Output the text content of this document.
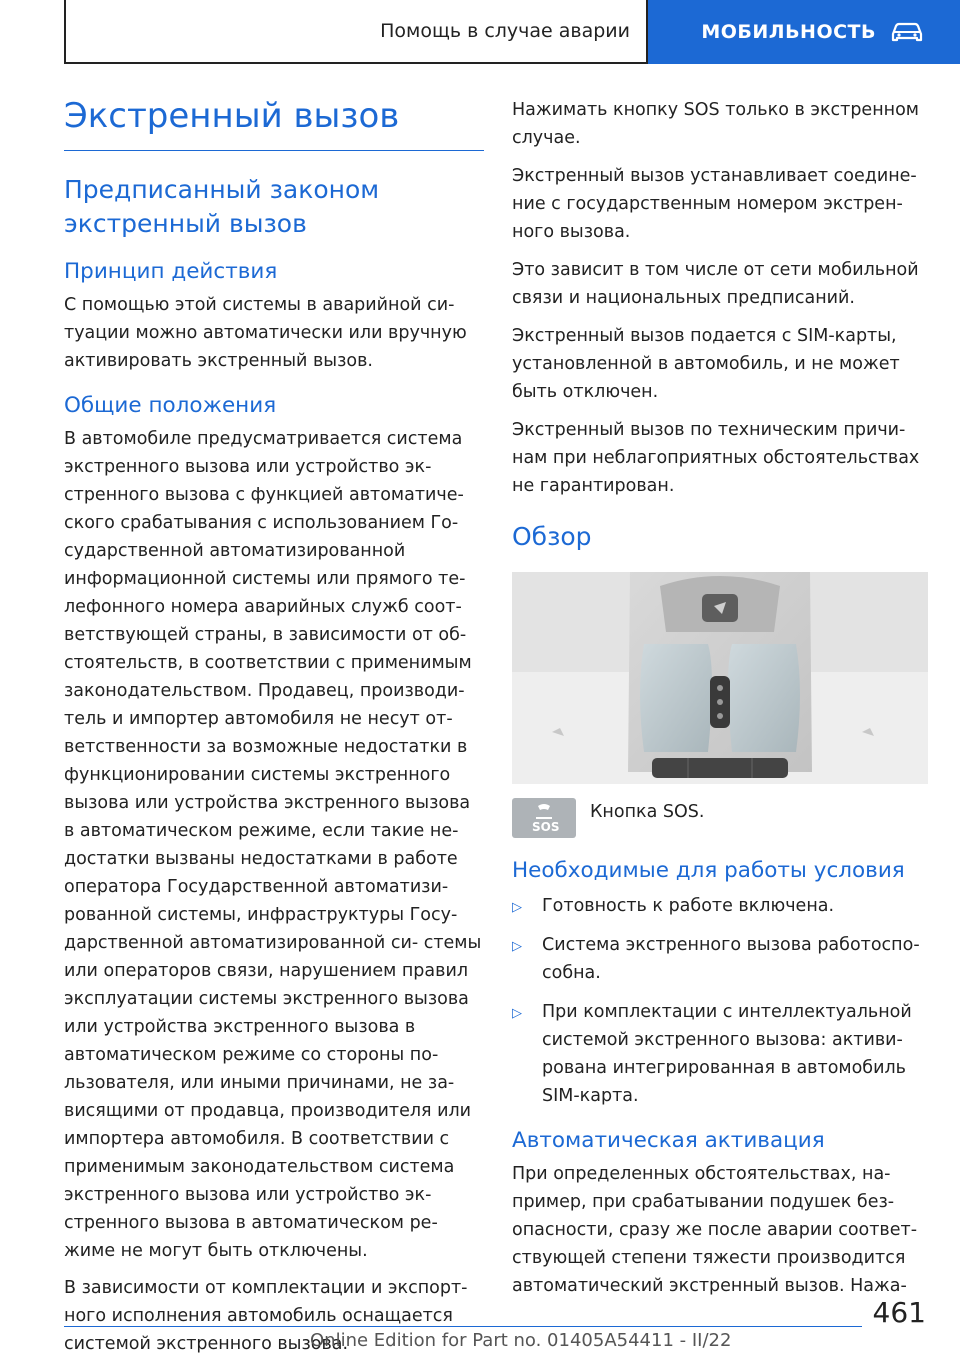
Помощь в случае аварии	МОБИЛЬНОСТЬ
Экстренный вызов
Предписанный законом экстренный вызов
Принцип действия

С помощью этой системы в аварийной си- туации можно автоматически или вручную активировать экстренный вызов.

Общие положения

В автомобиле предусматривается система экстренного вызова или устройство эк- стренного вызова с функцией автоматиче- ского срабатывания с использованием Го- сударственной автоматизированной информационной системы или прямого те- лефонного номера аварийных служб соот- ветствующей страны, в зависимости от об- стоятельств, в соответствии с применимым законодательством. Продавец, производи- тель и импортер автомобиля не несут от- ветственности за возможные недостатки в функционировании системы экстренного вызова или устройства экстренного вызова в автоматическом режиме, если такие не- достатки вызваны недостатками в работе оператора Государственной автоматизи- рованной системы, инфраструктуры Госу- дарственной автоматизированной си- стемы или операторов связи, нарушением правил эксплуатации системы экстренного вызова или устройства экстренного вызова в автоматическом режиме со стороны по- льзователя, или иными причинами, не за- висящими от продавца, производителя или импортера автомобиля. В соответствии с применимым законодательством система экстренного вызова или устройство эк- стренного вызова в автоматическом ре- жиме не могут быть отключены.

В зависимости от комплектации и экспорт- ного исполнения автомобиль оснащается системой экстренного вызова.

Нажимать кнопку SOS только в экстренном случае.

Экстренный вызов устанавливает соедине- ние с государственным номером экстрен- ного вызова.

Это зависит в том числе от сети мобильной связи и национальных предписаний.

Экстренный вызов подается с SIM-карты, установленной в автомобиль, и не может быть отключен.

Экстренный вызов по техническим причи- нам при неблагоприятных обстоятельствах не гарантирован.

Обзор
SOS
Кнопка SOS.
Необходимые для работы условия
▷ Готовность к работе включена.
▷ Система экстренного вызова работоспо- собна.
▷ При комплектации с интеллектуальной системой экстренного вызова: активи- рована интегрированная в автомобиль SIM-карта.
Автоматическая активация

При определенных обстоятельствах, на- пример, при срабатывании подушек без- опасности, сразу же после аварии соответ- ствующей степени тяжести производится автоматический экстренный вызов. Нажа-

461
Online Edition for Part no. 01405A54411 - II/22
